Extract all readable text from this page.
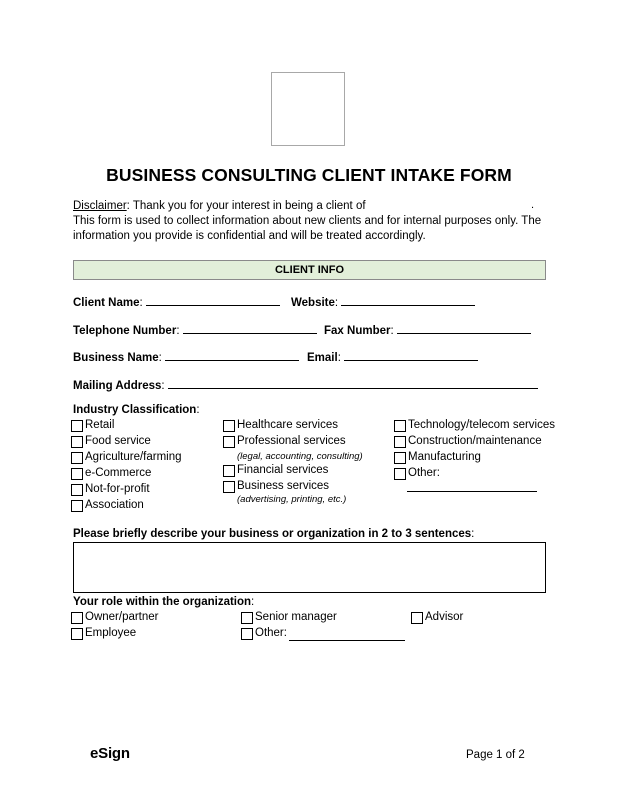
BUSINESS CONSULTING CLIENT INTAKE FORM
Disclaimer: Thank you for your interest in being a client of	.
This form is used to collect information about new clients and for internal purposes only. The
information you provide is confidential and will be treated accordingly.
CLIENT INFO
Client Name:	Website:
Telephone Number:	Fax Number:
Business Name:	Email:
Mailing Address:
Industry Classification:
Retail
Food service
Agriculture/farming
e-Commerce
Not-for-profit
Association
Healthcare services
Professional services
(legal, accounting, consulting)
Financial services
Business services
(advertising, printing, etc.)
Technology/telecom services
Construction/maintenance
Manufacturing
Other:
Please briefly describe your business or organization in 2 to 3 sentences:
Your role within the organization:
Owner/partner
Employee
Senior manager
Other:
Advisor
eSign	Page 1 of 2
